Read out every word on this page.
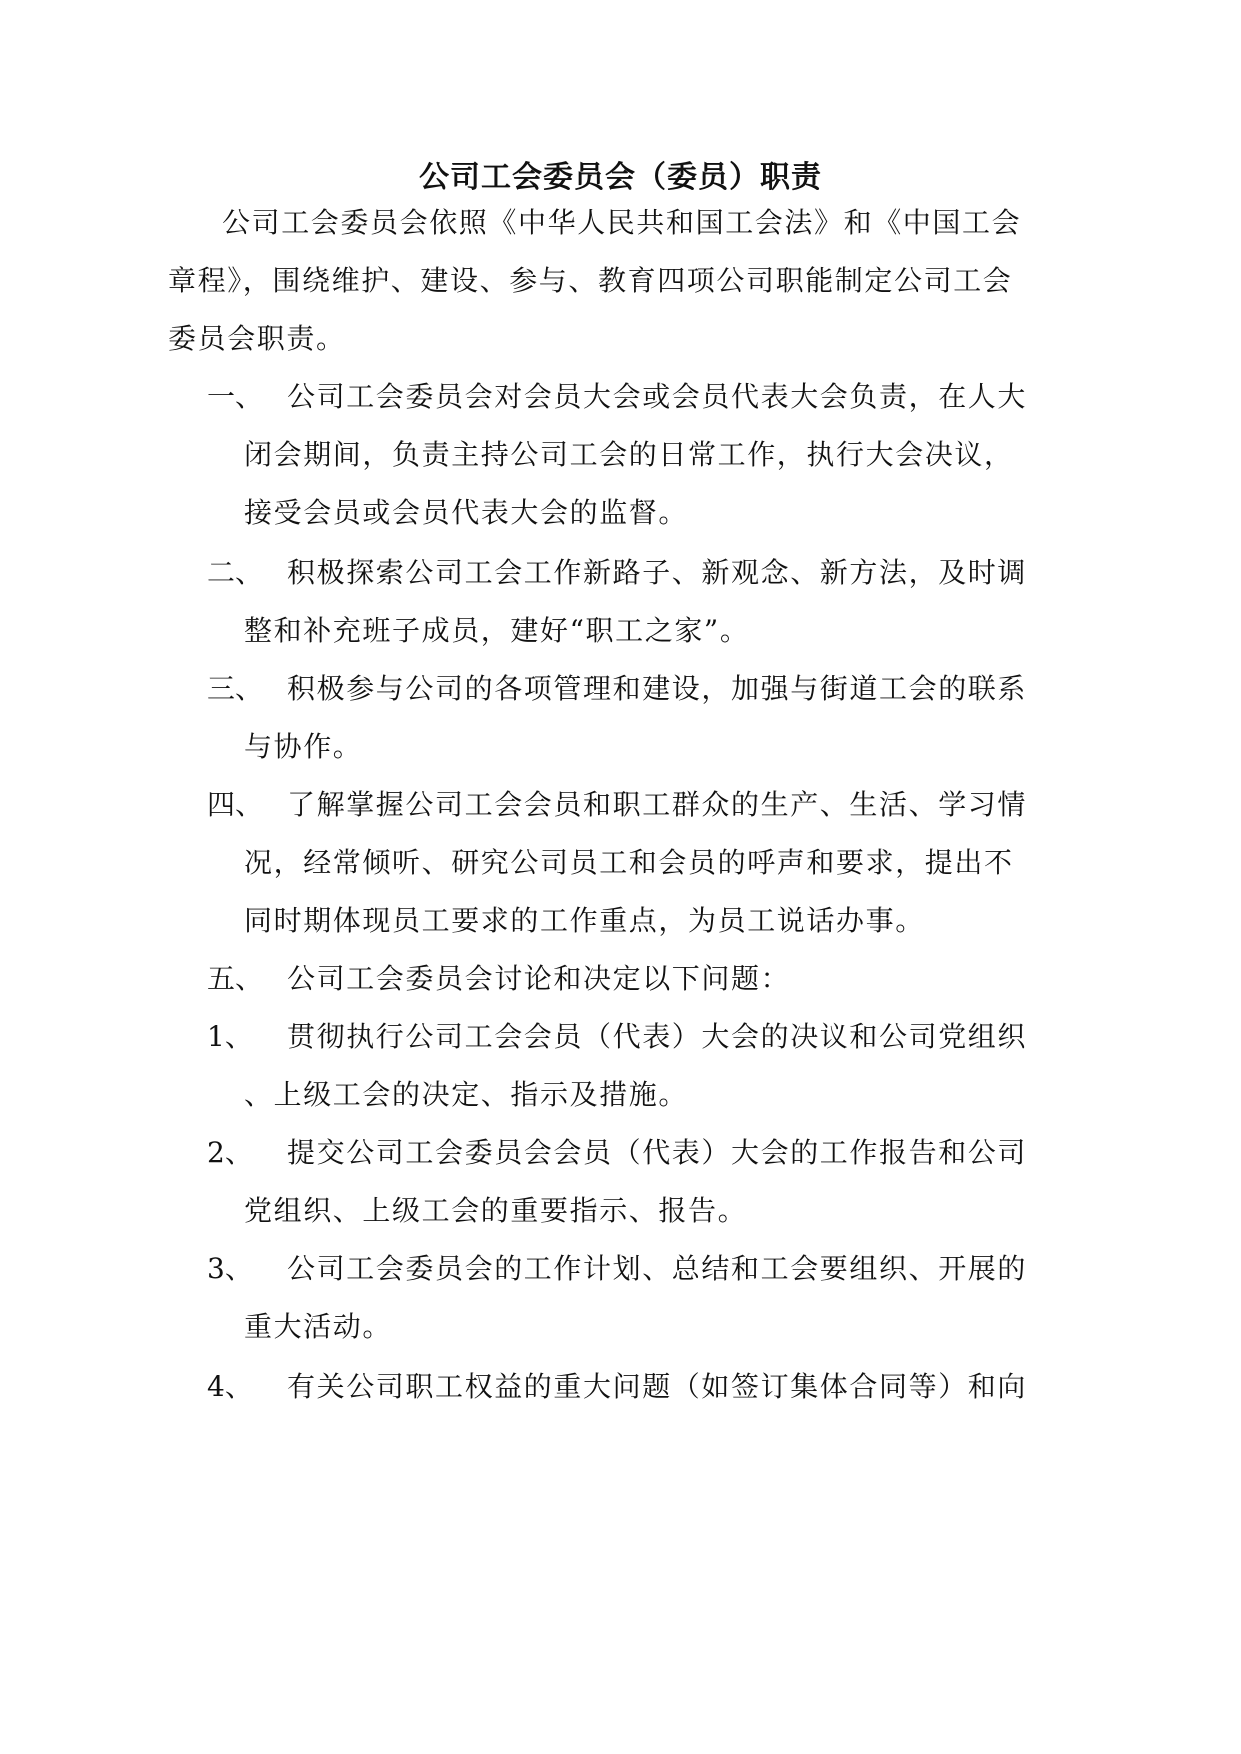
公司工会委员会（委员）职责
公司工会委员会依照《中华人民共和国工会法》和《中国工会
章程》，围绕维护、建设、参与、教育四项公司职能制定公司工会
委员会职责。
一、 公司工会委员会对会员大会或会员代表大会负责，在人大
闭会期间，负责主持公司工会的日常工作，执行大会决议，
接受会员或会员代表大会的监督。
二、 积极探索公司工会工作新路子、新观念、新方法，及时调
整和补充班子成员，建好“职工之家”。
三、 积极参与公司的各项管理和建设，加强与街道工会的联系
与协作。
四、 了解掌握公司工会会员和职工群众的生产、生活、学习情
况，经常倾听、研究公司员工和会员的呼声和要求，提出不
同时期体现员工要求的工作重点，为员工说话办事。
五、 公司工会委员会讨论和决定以下问题：
1、 贯彻执行公司工会会员（代表）大会的决议和公司党组织
、上级工会的决定、指示及措施。
2、 提交公司工会委员会会员（代表）大会的工作报告和公司
党组织、上级工会的重要指示、报告。
3、 公司工会委员会的工作计划、总结和工会要组织、开展的
重大活动。
4、 有关公司职工权益的重大问题（如签订集体合同等）和向
